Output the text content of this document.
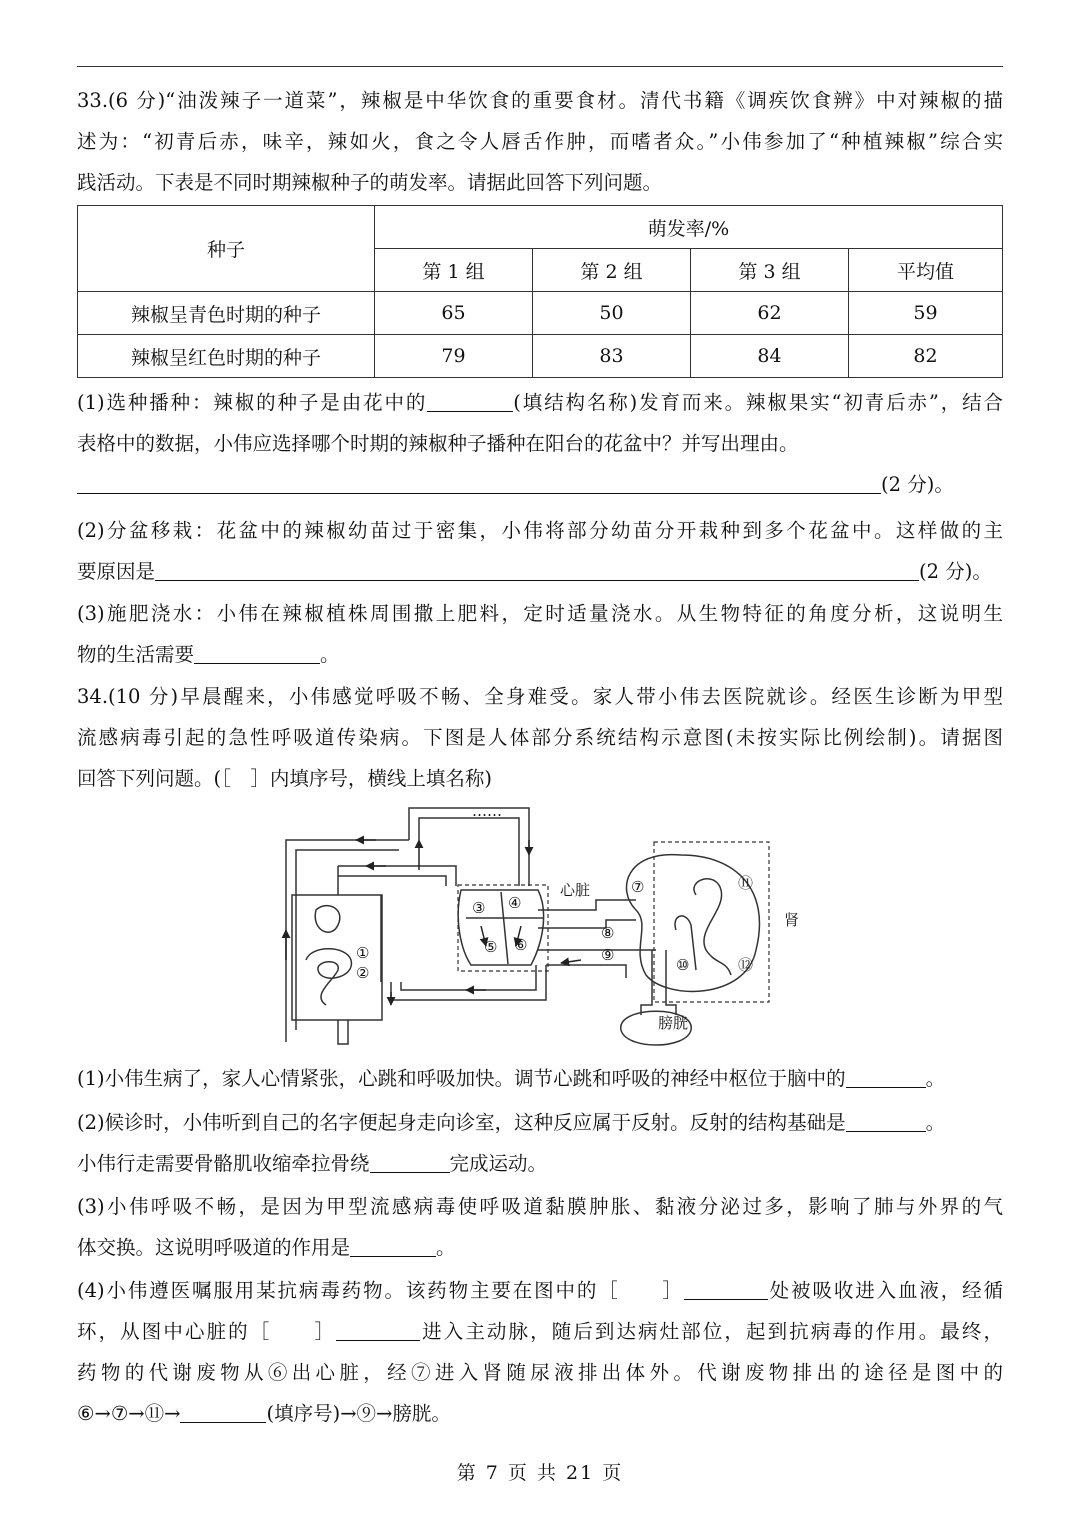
33.(6 分)“油泼辣子一道菜”，辣椒是中华饮食的重要食材。清代书籍《调疾饮食辨》中对辣椒的描
述为：“初青后赤，味辛，辣如火，食之令人唇舌作肿，而嗜者众。”小伟参加了“种植辣椒”综合实
践活动。下表是不同时期辣椒种子的萌发率。请据此回答下列问题。
种子	萌发率/%			
	第 1 组	第 2 组	第 3 组	平均值
辣椒呈青色时期的种子	65	50	62	59
辣椒呈红色时期的种子	79	83	84	82
(1)选种播种：辣椒的种子是由花中的	(填结构名称)发育而来。辣椒果实“初青后赤”，结合
表格中的数据，小伟应选择哪个时期的辣椒种子播种在阳台的花盆中？并写出理由。
(2 分)。
(2)分盆移栽：花盆中的辣椒幼苗过于密集，小伟将部分幼苗分开栽种到多个花盆中。这样做的主
要原因是	(2 分)。
(3)施肥浇水：小伟在辣椒植株周围撒上肥料，定时适量浇水。从生物特征的角度分析，这说明生
物的生活需要	。
34.(10 分)早晨醒来，小伟感觉呼吸不畅、全身难受。家人带小伟去医院就诊。经医生诊断为甲型
流感病毒引起的急性呼吸道传染病。下图是人体部分系统结构示意图(未按实际比例绘制)。请据图
回答下列问题。(［　］内填序号，横线上填名称)
……
心脏
肾
膀胱
①
②
③ ④
⑤ ⑥
⑦
⑧
⑨
⑩
⑪
⑫
(1)小伟生病了，家人心情紧张，心跳和呼吸加快。调节心跳和呼吸的神经中枢位于脑中的	。
(2)候诊时，小伟听到自己的名字便起身走向诊室，这种反应属于反射。反射的结构基础是	。
小伟行走需要骨骼肌收缩牵拉骨绕	完成运动。
(3)小伟呼吸不畅，是因为甲型流感病毒使呼吸道黏膜肿胀、黏液分泌过多，影响了肺与外界的气
体交换。这说明呼吸道的作用是	。
(4)小伟遵医嘱服用某抗病毒药物。该药物主要在图中的［　　］	处被吸收进入血液，经循
环，从图中心脏的［　　］	进入主动脉，随后到达病灶部位，起到抗病毒的作用。最终，
药物的代谢废物从⑥出心脏，经⑦进入肾随尿液排出体外。代谢废物排出的途径是图中的
⑥→⑦→⑪→	(填序号)→⑨→膀胱。
第 7 页 共 21 页
